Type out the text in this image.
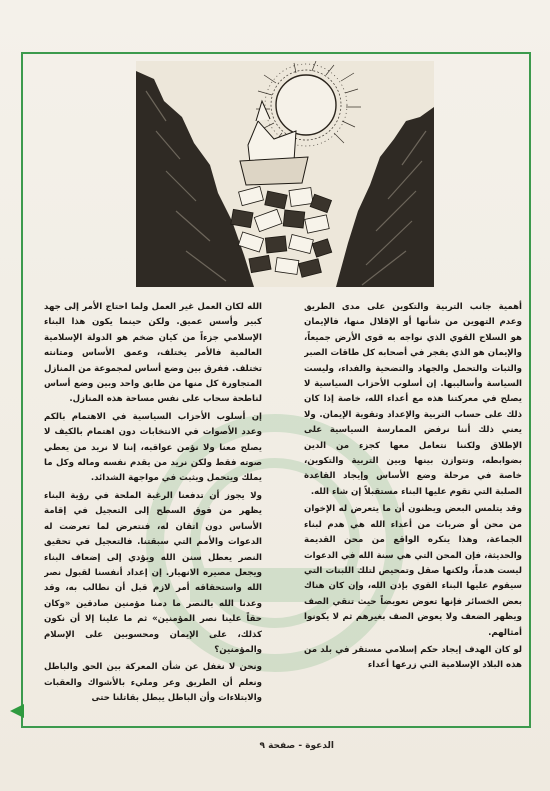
أهمية جانب التربية والتكوين على مدى الطريق وعدم التهوين من شأنها أو الإقلال منها، فالإيمان هو السلاح القوي الذي نواجه به قوى الأرض جميعاً، والإيمان هو الذي يفجر في أصحابه كل طاقات الصبر والثبات والتحمل والجهاد والتضحية والفداء، وليست السياسة وأساليبها. إن أسلوب الأحزاب السياسية لا يصلح في معركتنا هذه مع أعداء الله، خاصة إذا كان ذلك على حساب التربية والإعداد وتقوية الإيمان. ولا يعني ذلك أننا نرفض الممارسة السياسية على الإطلاق ولكننا نتعامل معها كجزء من الدين بضوابطه، ونتوازن بينها وبين التربية والتكوين، خاصة في مرحلة وضع الأساس وإيجاد القاعدة الصلبة التي تقوم عليها البناء مستقبلاً إن شاء الله.

وقد يتلمس البعض ويظنون أن ما يتعرض له الإخوان من محن أو ضربات من أعداء الله هي هدم لبناء الجماعة، وهذا ينكره الواقع من محن القديمة والحديثة، فإن المحن التي هي سنة الله في الدعوات ليست هدماً، ولكنها صقل وتمحيص لتلك اللبنات التي سيقوم عليها البناء القوي بإذن الله، وإن كان هناك بعض الخسائر فإنها تعوض تعويضاً حيث تنقي الصف ويظهر الضعف ولا يعوض الصف بغيرهم ثم لا يكونوا أمثالهم.

لو كان الهدف إيجاد حكم إسلامي مستقر في بلد من هذه البلاد الإسلامية التي زرعها أعداء

الله لكان العمل غير العمل ولما احتاج الأمر إلى جهد كبير وأسس عميق. ولكن حينما يكون هذا البناء الإسلامي جزءاً من كيان ضخم هو الدولة الإسلامية العالمية فالأمر يختلف، وعمق الأساس ومتانته تختلف. ففرق بين وضع أساس لمجموعة من المنازل المتجاورة كل منها من طابق واحد وبين وضع أساس لناطحة سحاب على نفس مساحة هذه المنازل.

إن أسلوب الأحزاب السياسية في الاهتمام بالكم وعدد الأصوات في الانتخابات دون اهتمام بالكيف لا يصلح معنا ولا نؤمن عواقبه، إننا لا نريد من يعطي صوته فقط ولكن نريد من يقدم نفسه وماله وكل ما يملك ويتحمل ويثبت في مواجهة الشدائد.

ولا يجوز أن تدفعنا الرغبة الملحة في رؤية البناء يظهر من فوق السطح إلى التعجيل في إقامة الأساس دون اتقان له، فنتعرض لما تعرضت له الدعوات والأمم التي سبقتنا. فالتعجيل في تحقيق النصر يعطل سنن الله ويؤدي إلى إضعاف البناء ويجعل مصيره الانهيار. إن إعداد أنفسنا لقبول نصر الله واستحقاقه أمر لازم قبل أن نطالب به، وقد وعدنا الله بالنصر ما دمنا مؤمنين صادقين «وكان حقاً علينا نصر المؤمنين» ثم ما علينا إلا أن نكون كذلك، على الإيمان ومحسوبين على الإسلام والمؤمنين؟

ونحن لا نغفل عن شأن المعركة بين الحق والباطل ونعلم أن الطريق وعر ومليء بالأشواك والعقبات والابتلاءات وأن الباطل يبطل بقاتلنا حتى

الدعوة - صفحة ٩
